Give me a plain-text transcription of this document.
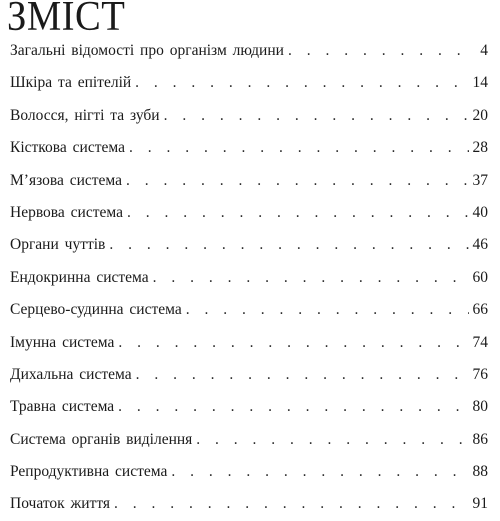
ЗМІСТ
Загальні відомості про організм людини . . .	4
Шкіра та епітелій . . .	14
Волосся, нігті та зуби . . .	20
Кісткова система . . .	28
М’язова система . . .	37
Нервова система . . .	40
Органи чуттів . . .	46
Ендокринна система . . .	60
Серцево-судинна система . . .	66
Імунна система . . .	74
Дихальна система . . .	76
Травна система . . .	80
Система органів виділення . . .	86
Репродуктивна система . . .	88
Початок життя . . .	91
